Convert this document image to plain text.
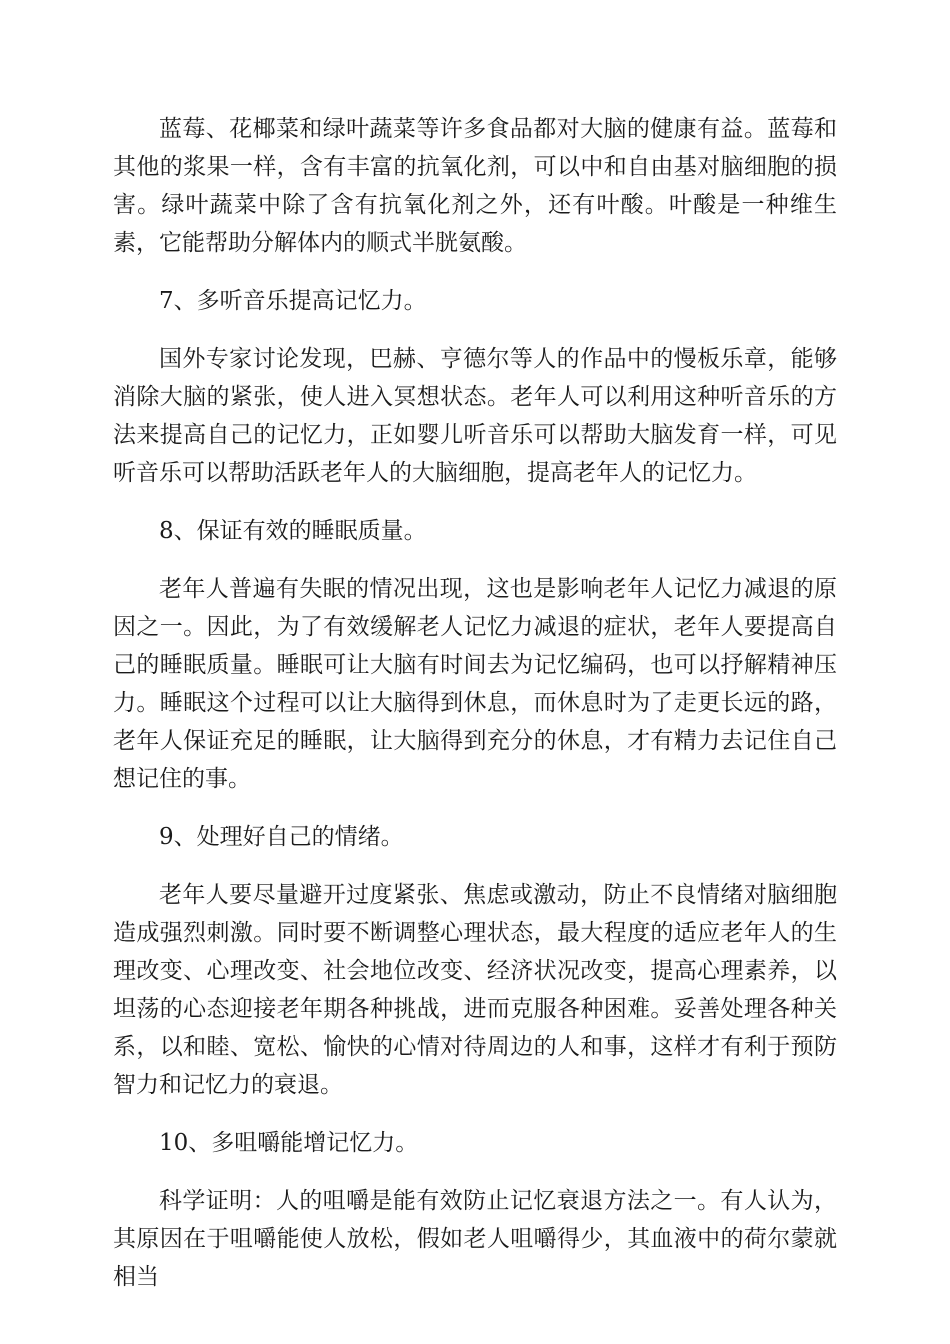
蓝莓、花椰菜和绿叶蔬菜等许多食品都对大脑的健康有益。蓝莓和其他的浆果一样，含有丰富的抗氧化剂，可以中和自由基对脑细胞的损害。绿叶蔬菜中除了含有抗氧化剂之外，还有叶酸。叶酸是一种维生素，它能帮助分解体内的顺式半胱氨酸。

7、多听音乐提高记忆力。

国外专家讨论发现，巴赫、亨德尔等人的作品中的慢板乐章，能够消除大脑的紧张，使人进入冥想状态。老年人可以利用这种听音乐的方法来提高自己的记忆力，正如婴儿听音乐可以帮助大脑发育一样，可见听音乐可以帮助活跃老年人的大脑细胞，提高老年人的记忆力。

8、保证有效的睡眠质量。

老年人普遍有失眠的情况出现，这也是影响老年人记忆力减退的原因之一。因此，为了有效缓解老人记忆力减退的症状，老年人要提高自己的睡眠质量。睡眠可让大脑有时间去为记忆编码，也可以抒解精神压力。睡眠这个过程可以让大脑得到休息，而休息时为了走更长远的路，老年人保证充足的睡眠，让大脑得到充分的休息，才有精力去记住自己想记住的事。

9、处理好自己的情绪。

老年人要尽量避开过度紧张、焦虑或激动，防止不良情绪对脑细胞造成强烈刺激。同时要不断调整心理状态，最大程度的适应老年人的生理改变、心理改变、社会地位改变、经济状况改变，提高心理素养，以坦荡的心态迎接老年期各种挑战，进而克服各种困难。妥善处理各种关系，以和睦、宽松、愉快的心情对待周边的人和事，这样才有利于预防智力和记忆力的衰退。

10、多咀嚼能增记忆力。

科学证明：人的咀嚼是能有效防止记忆衰退方法之一。有人认为，其原因在于咀嚼能使人放松，假如老人咀嚼得少，其血液中的荷尔蒙就相当
